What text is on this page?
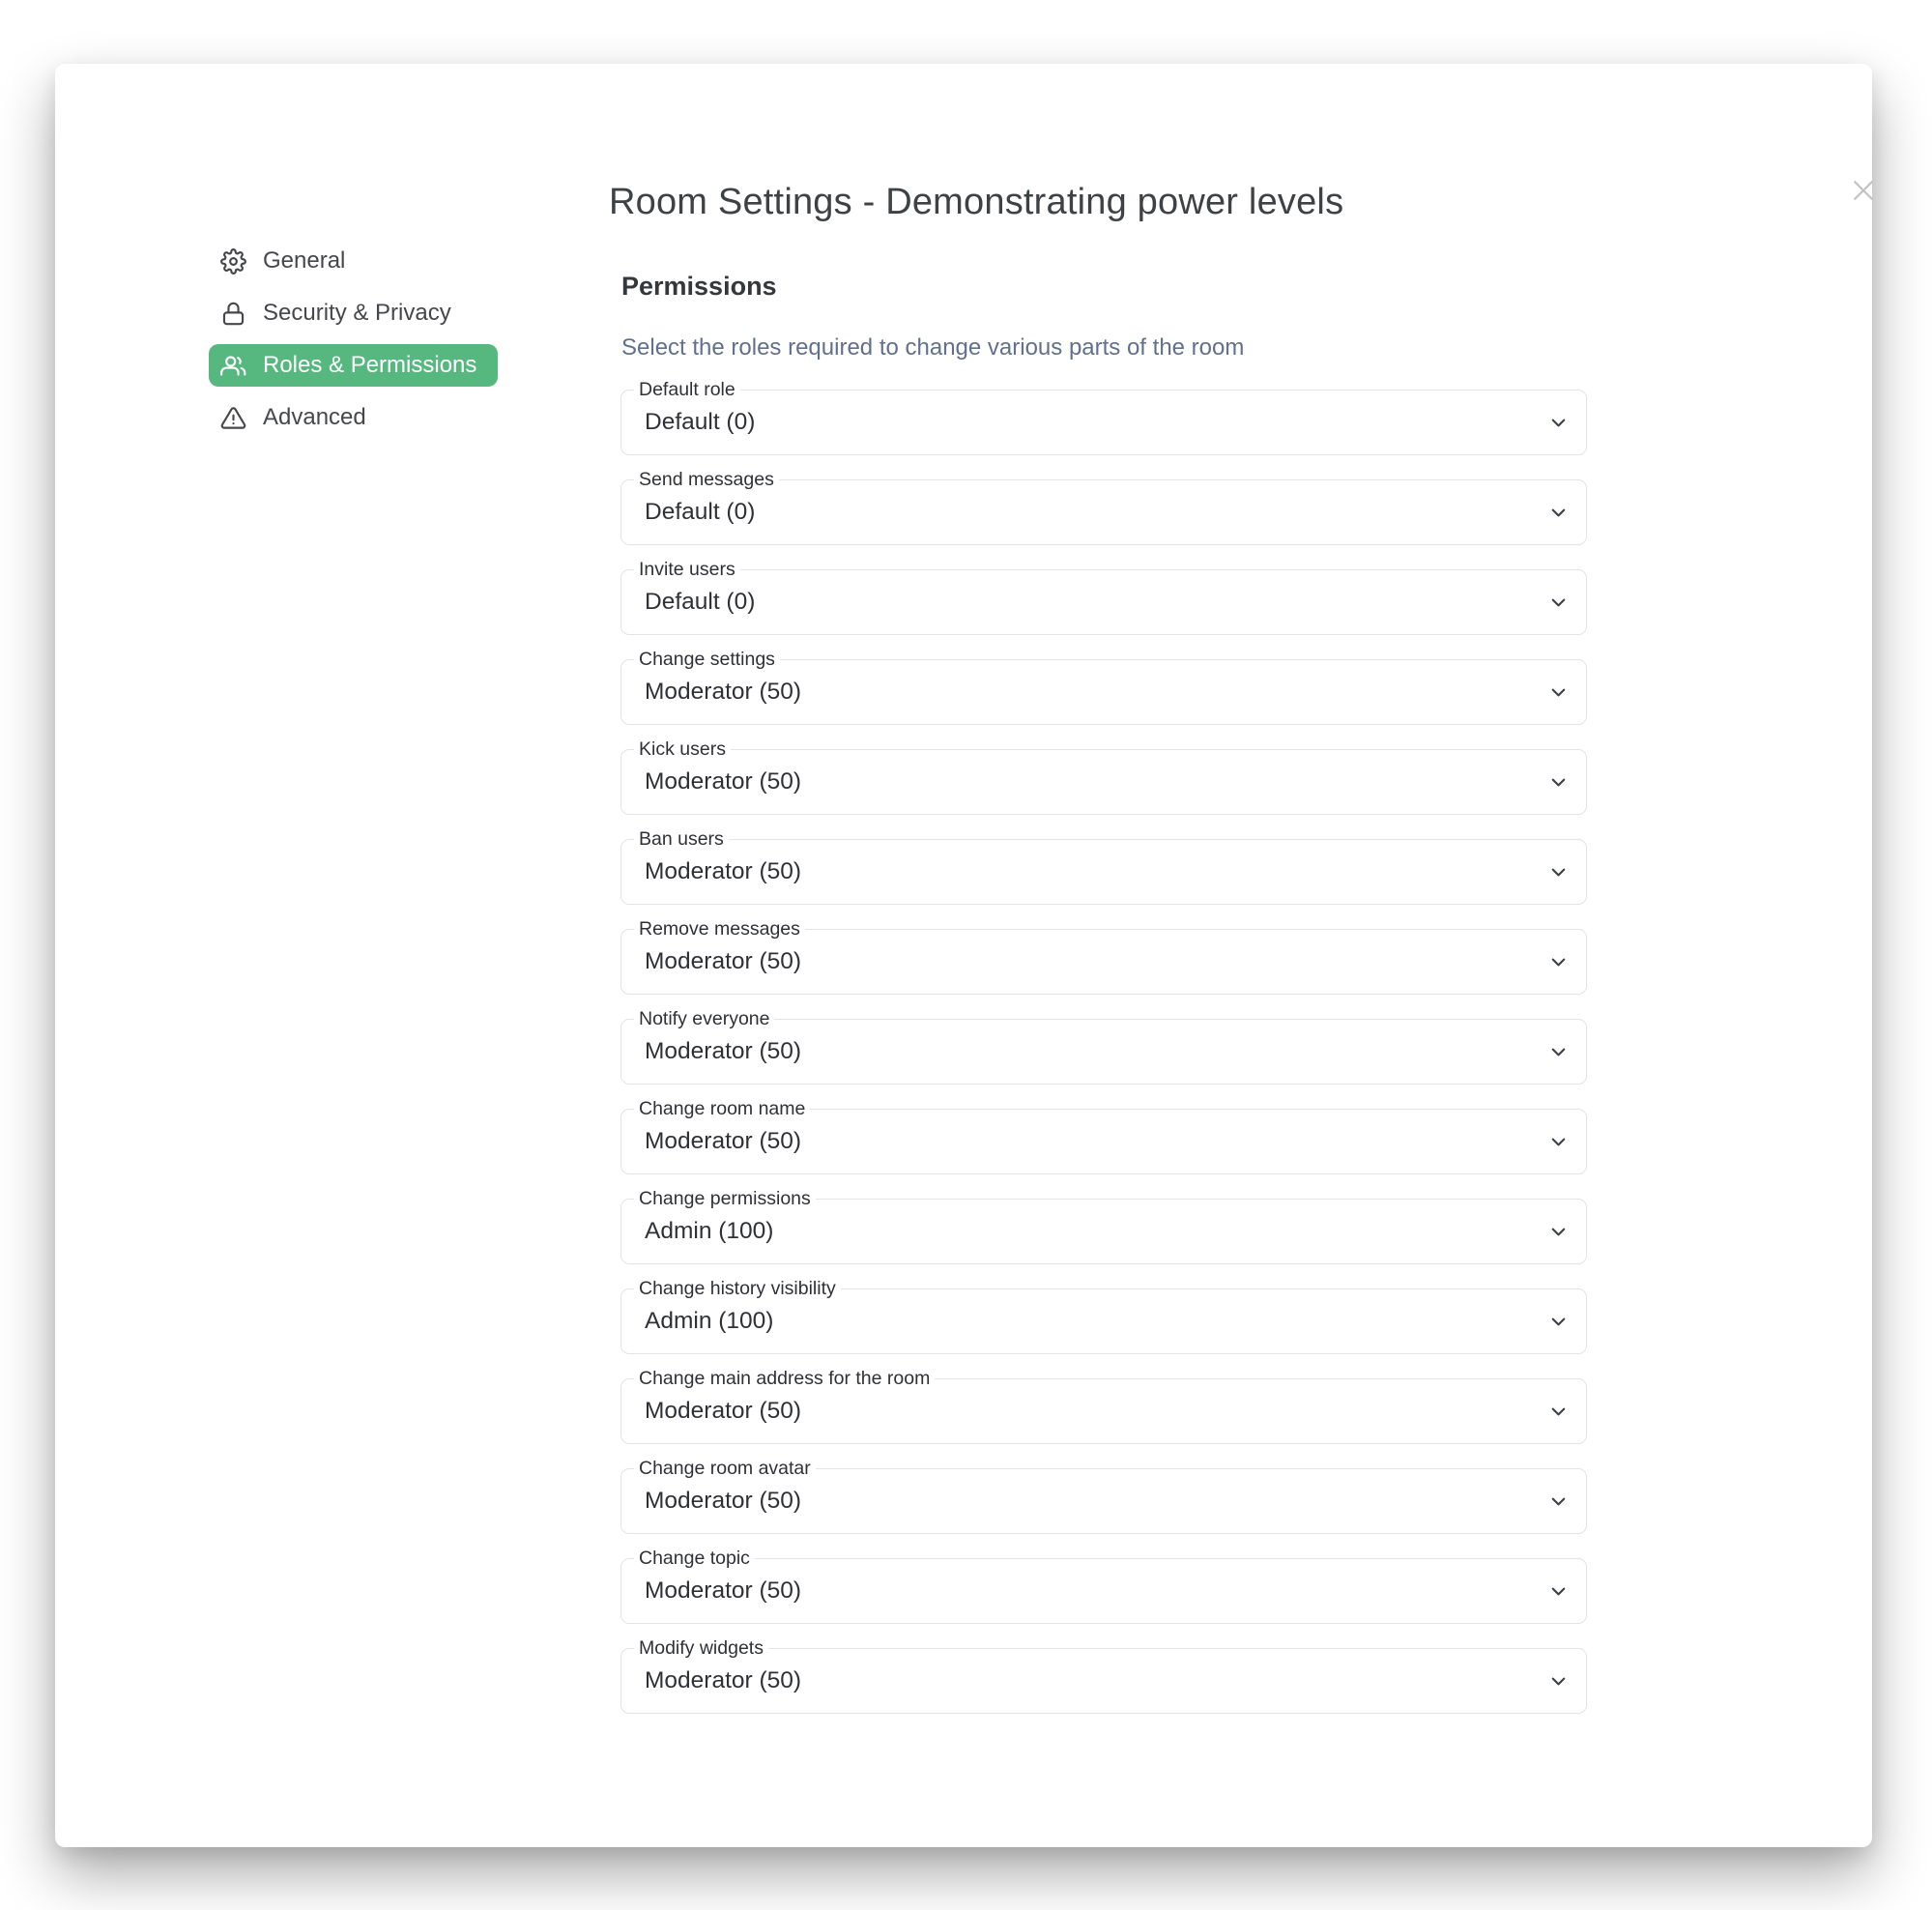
Room Settings - Demonstrating power levels
General
Security & Privacy
Roles & Permissions
Advanced
Permissions
Select the roles required to change various parts of the room
Default role
Default (0)
Send messages
Default (0)
Invite users
Default (0)
Change settings
Moderator (50)
Kick users
Moderator (50)
Ban users
Moderator (50)
Remove messages
Moderator (50)
Notify everyone
Moderator (50)
Change room name
Moderator (50)
Change permissions
Admin (100)
Change history visibility
Admin (100)
Change main address for the room
Moderator (50)
Change room avatar
Moderator (50)
Change topic
Moderator (50)
Modify widgets
Moderator (50)
